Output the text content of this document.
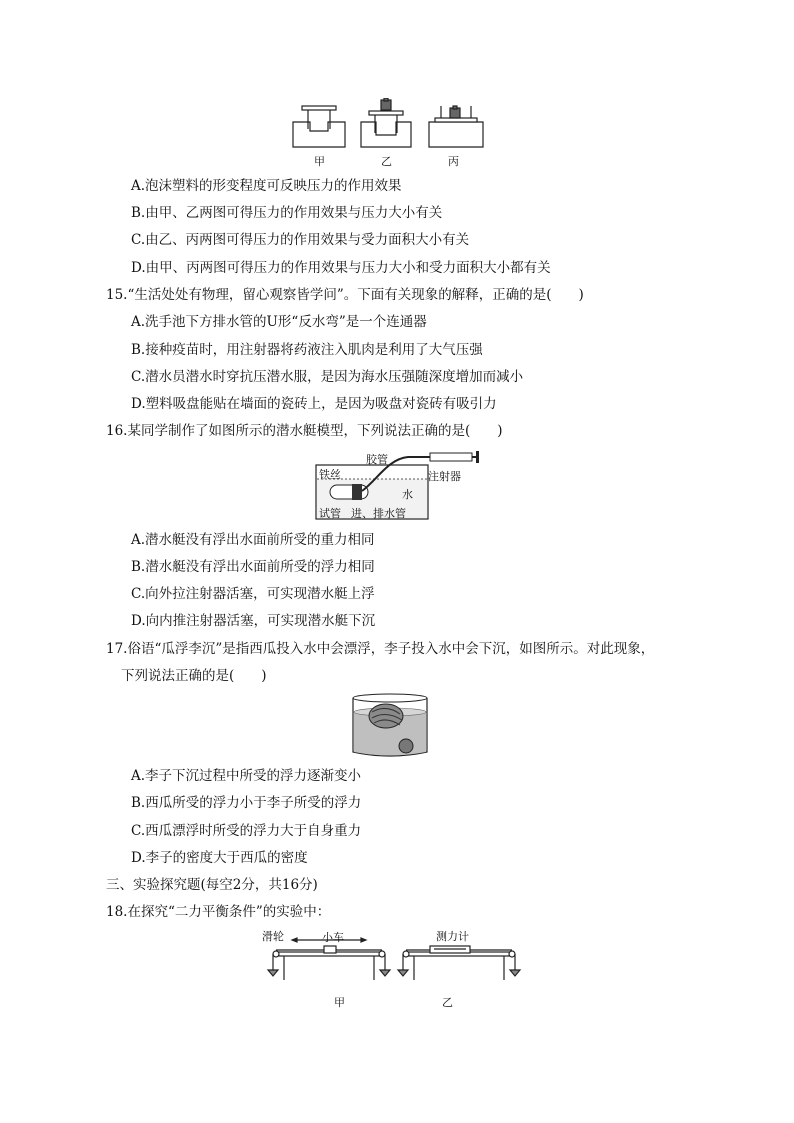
甲	乙	丙
A.泡沫塑料的形变程度可反映压力的作用效果
B.由甲、乙两图可得压力的作用效果与压力大小有关
C.由乙、丙两图可得压力的作用效果与受力面积大小有关
D.由甲、丙两图可得压力的作用效果与压力大小和受力面积大小都有关
15.“生活处处有物理，留心观察皆学问”。下面有关现象的解释，正确的是(　　)
A.洗手池下方排水管的U形“反水弯”是一个连通器
B.接种疫苗时，用注射器将药液注入肌肉是利用了大气压强
C.潜水员潜水时穿抗压潜水服，是因为海水压强随深度增加而减小
D.塑料吸盘能贴在墙面的瓷砖上，是因为吸盘对瓷砖有吸引力
16.某同学制作了如图所示的潜水艇模型，下列说法正确的是(　　)
胶管
铁丝	注射器
水
试管 进、排水管
A.潜水艇没有浮出水面前所受的重力相同
B.潜水艇没有浮出水面前所受的浮力相同
C.向外拉注射器活塞，可实现潜水艇上浮
D.向内推注射器活塞，可实现潜水艇下沉
17.俗语“瓜浮李沉”是指西瓜投入水中会漂浮，李子投入水中会下沉，如图所示。对此现象，
下列说法正确的是(　　)
A.李子下沉过程中所受的浮力逐渐变小
B.西瓜所受的浮力小于李子所受的浮力
C.西瓜漂浮时所受的浮力大于自身重力
D.李子的密度大于西瓜的密度
三、实验探究题(每空2分，共16分)
18.在探究“二力平衡条件”的实验中：
滑轮	小车	测力计
甲	乙
